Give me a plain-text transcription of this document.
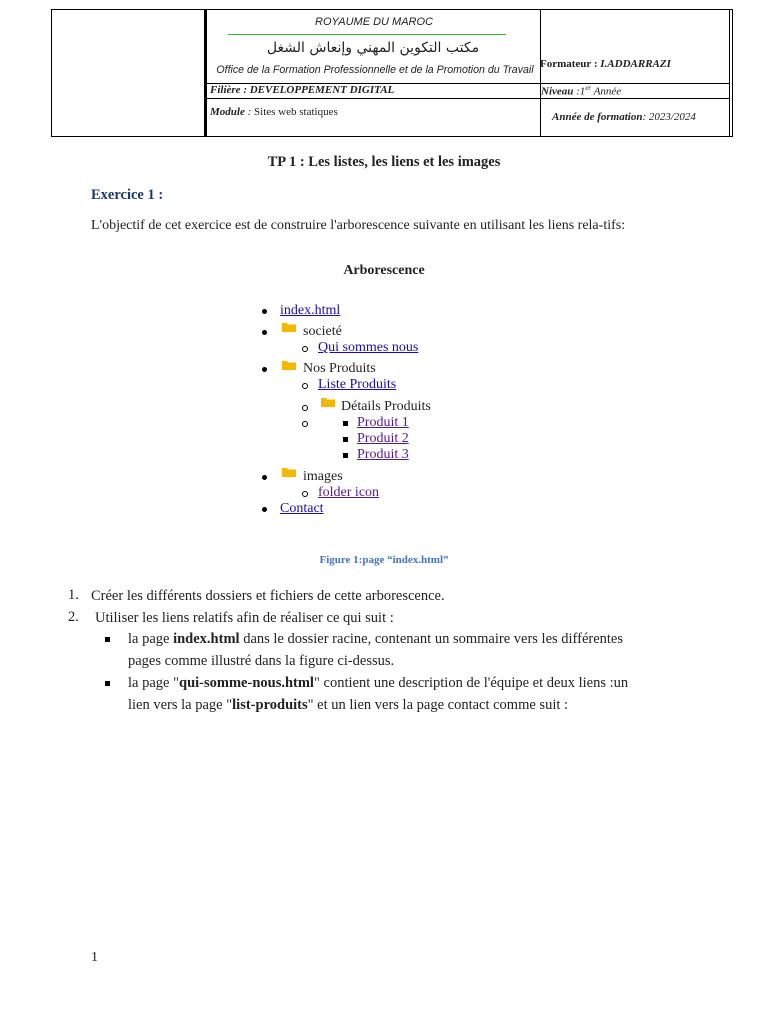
ROYAUME DU MAROC
مكتب التكوين المهني وإنعاش الشغل
Office de la Formation Professionnelle et de la Promotion du Travail Formateur : I.ADDARRAZI
Filière : DEVELOPPEMENT DIGITAL	Niveau :1er Année
Module : Sites web statiques	Année de formation: 2023/2024
TP 1 : Les listes, les liens et les images
Exercice 1 :
L'objectif de cet exercice est de construire l'arborescence suivante en utilisant les liens rela-tifs:
Arborescence
index.html
societé
Qui sommes nous
Nos Produits
Liste Produits
Détails Produits
Produit 1
Produit 2
Produit 3
images
folder icon
Contact
Figure 1:page “index.html”
1. Créer les différents dossiers et fichiers de cette arborescence.
2. Utiliser les liens relatifs afin de réaliser ce qui suit :
la page index.html dans le dossier racine, contenant un sommaire vers les différentes
pages comme illustré dans la figure ci-dessus.
la page "qui-somme-nous.html" contient une description de l'équipe et deux liens :un
lien vers la page "list-produits" et un lien vers la page contact comme suit :
1
